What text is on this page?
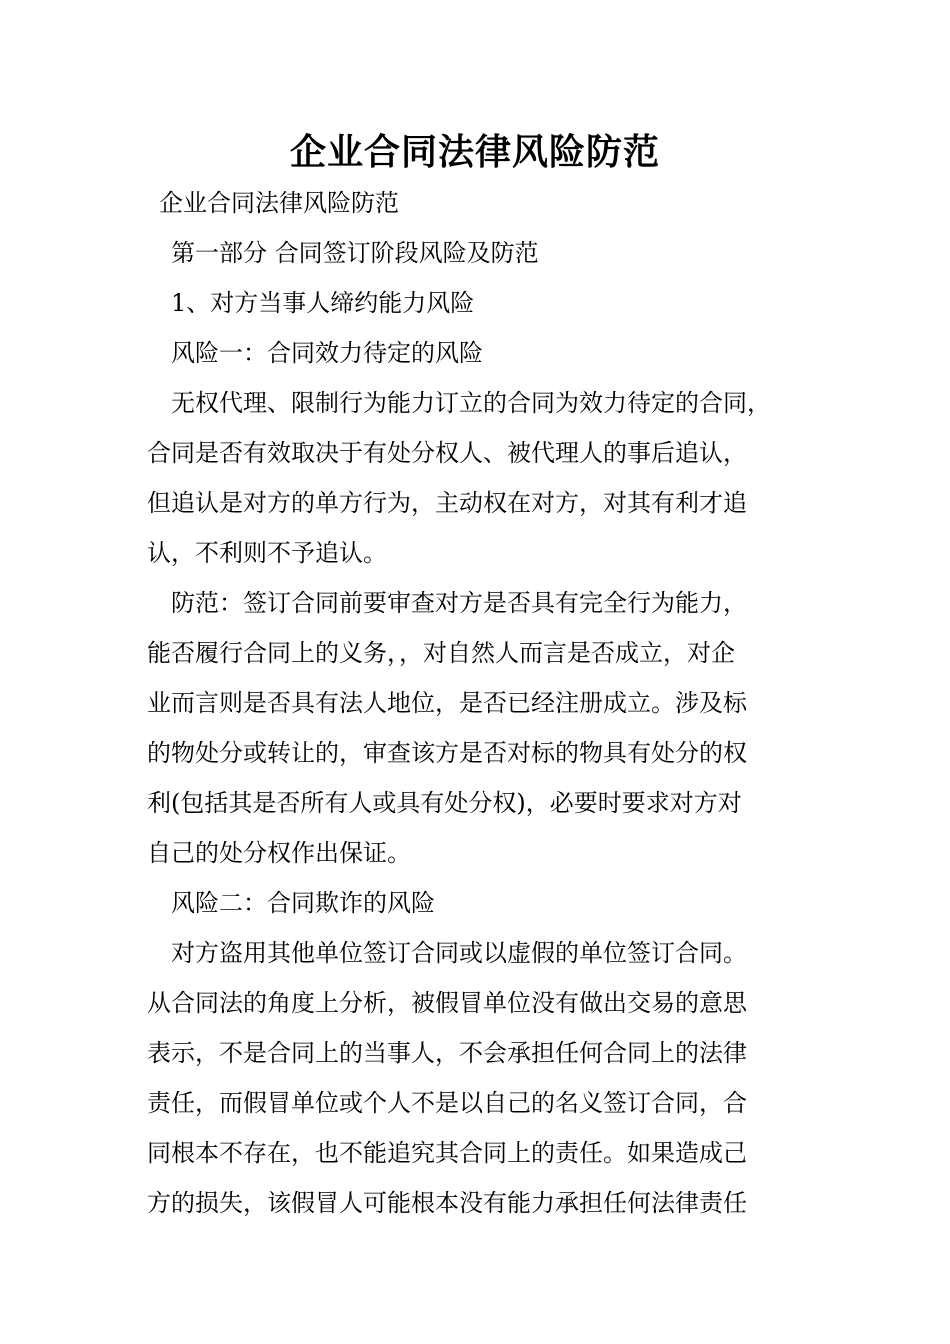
企业合同法律风险防范
企业合同法律风险防范
第一部分 合同签订阶段风险及防范
1、对方当事人缔约能力风险
风险一：合同效力待定的风险
无权代理、限制行为能力订立的合同为效力待定的合同，
合同是否有效取决于有处分权人、被代理人的事后追认，
但追认是对方的单方行为，主动权在对方，对其有利才追
认，不利则不予追认。
防范：签订合同前要审查对方是否具有完全行为能力，
能否履行合同上的义务，，对自然人而言是否成立，对企
业而言则是否具有法人地位，是否已经注册成立。涉及标
的物处分或转让的，审查该方是否对标的物具有处分的权
利(包括其是否所有人或具有处分权)，必要时要求对方对
自己的处分权作出保证。
风险二：合同欺诈的风险
对方盗用其他单位签订合同或以虚假的单位签订合同。
从合同法的角度上分析，被假冒单位没有做出交易的意思
表示，不是合同上的当事人，不会承担任何合同上的法律
责任，而假冒单位或个人不是以自己的名义签订合同，合
同根本不存在，也不能追究其合同上的责任。如果造成己
方的损失，该假冒人可能根本没有能力承担任何法律责任
